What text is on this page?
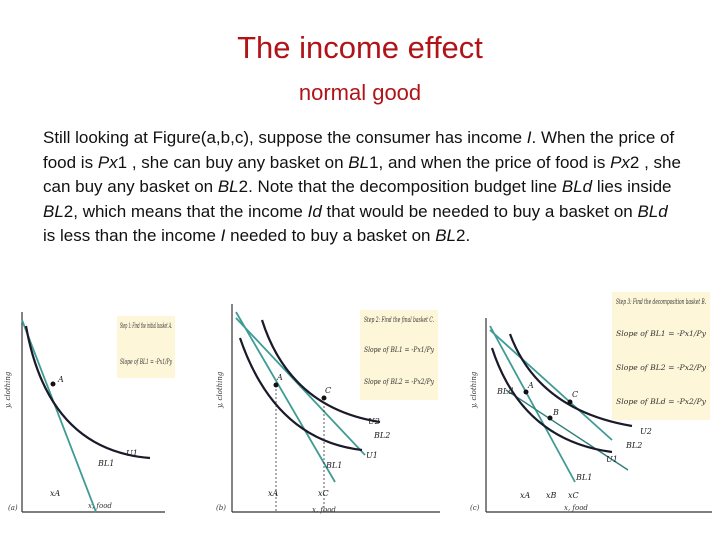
The income effect
normal good
Still looking at Figure(a,b,c), suppose the consumer has income I. When the price of food is Px1 , she can buy any basket on BL1, and when the price of food is Px2 , she can buy any basket on BL2. Note that the decomposition budget line BLd lies inside BL2, which means that the income Id that would be needed to buy a basket on BLd is less than the income I needed to buy a basket on BL2.
Step 1: Find the initial basket A.
Slope of BL1 = -Px1/Py
A
U1
BL1
xA
x, food
y, clothing
(a)
Step 2: Find the final basket C.
Slope of BL1 = -Px1/Py
Slope of BL2 = -Px2/Py
A
C
U2
BL2
U1
BL1
xA	xC
x, food
y, clothing
(b)
Step 3: Find the decomposition basket B.
Slope of BL1 = -Px1/Py
Slope of BL2 = -Px2/Py
Slope of BLd = -Px2/Py
A
B
C
U2
BL2
U1
BL1
BLd
xA xB xC
x, food
y, clothing
(c)
